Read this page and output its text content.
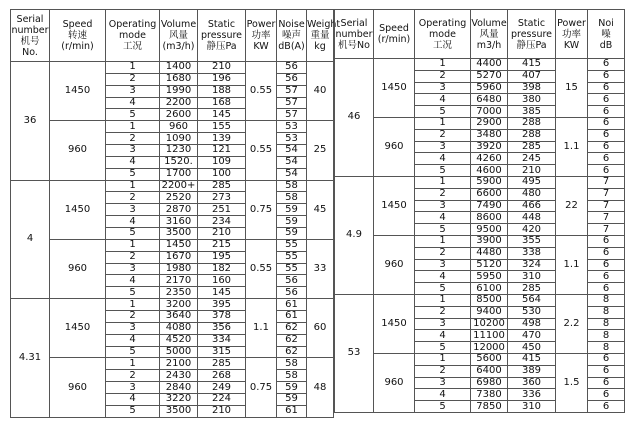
Serial
number
机号
No.	Speed
转速
(r/min)	Operating
mode
工况	Volume
风量
(m3/h)	Static
pressure
静压Pa	Power
功率
KW	Noise
噪声
dB(A)	Weight
重量kg

36	1450	1	1400	210	0.55	56	40
		2	1680	196		56	
		3	1990	188		57	
		4	2200	168		57	
		5	2600	145		57	
	960	1	960	155	0.55	53	25
		2	1090	139		53	
		3	1230	121		54	
		4	1520.	109		54	
		5	1700	100		54	
4	1450	1	2200+	285	0.75	58	45
		2	2520	273		58	
		3	2870	251		59	
		4	3160	234		59	
		5	3500	210		59	
	960	1	1450	215	0.55	55	33
		2	1670	195		55	
		3	1980	182		55	
		4	2170	160		56	
		5	2350	145		56	
4.31	1450	1	3200	395	1.1	61	60
		2	3640	378		61	
		3	4080	356		62	
		4	4520	334		62	
		5	5000	315		62	
	960	1	2100	285	0.75	58	48
		2	2430	268		58	
		3	2840	249		59	
		4	3220	224		59	
		5	3500	210		61	
Serial
number
机号No	Speed
(r/min)	Operating
mode
工况	Volume
风量
m3/h	Static
pressure
静压Pa	Power
功率
KW	Noi
噪
dB

46	1450	1	4400	415	15	6
		2	5270	407		6
		3	5960	398		6
		4	6480	380		6
		5	7000	385		6
	960	1	2900	288	1.1	6
		2	3480	288		6
		3	3920	285		6
		4	4260	245		6
		5	4600	210		6
4.9	1450	1	5900	495	22	7
		2	6600	480		7
		3	7490	466		7
		4	8600	448		7
		5	9500	420		7
	960	1	3900	355	1.1	6
		2	4480	338		6
		3	5120	324		6
		4	5950	310		6
		5	6100	285		6
53	1450	1	8500	564	2.2	8
		2	9400	530		8
		3	10200	498		8
		4	11100	470		8
		5	12000	450		8
	960	1	5600	415	1.5	6
		2	6400	389		6
		3	6980	360		6
		4	7380	336		6
		5	7850	310		6
